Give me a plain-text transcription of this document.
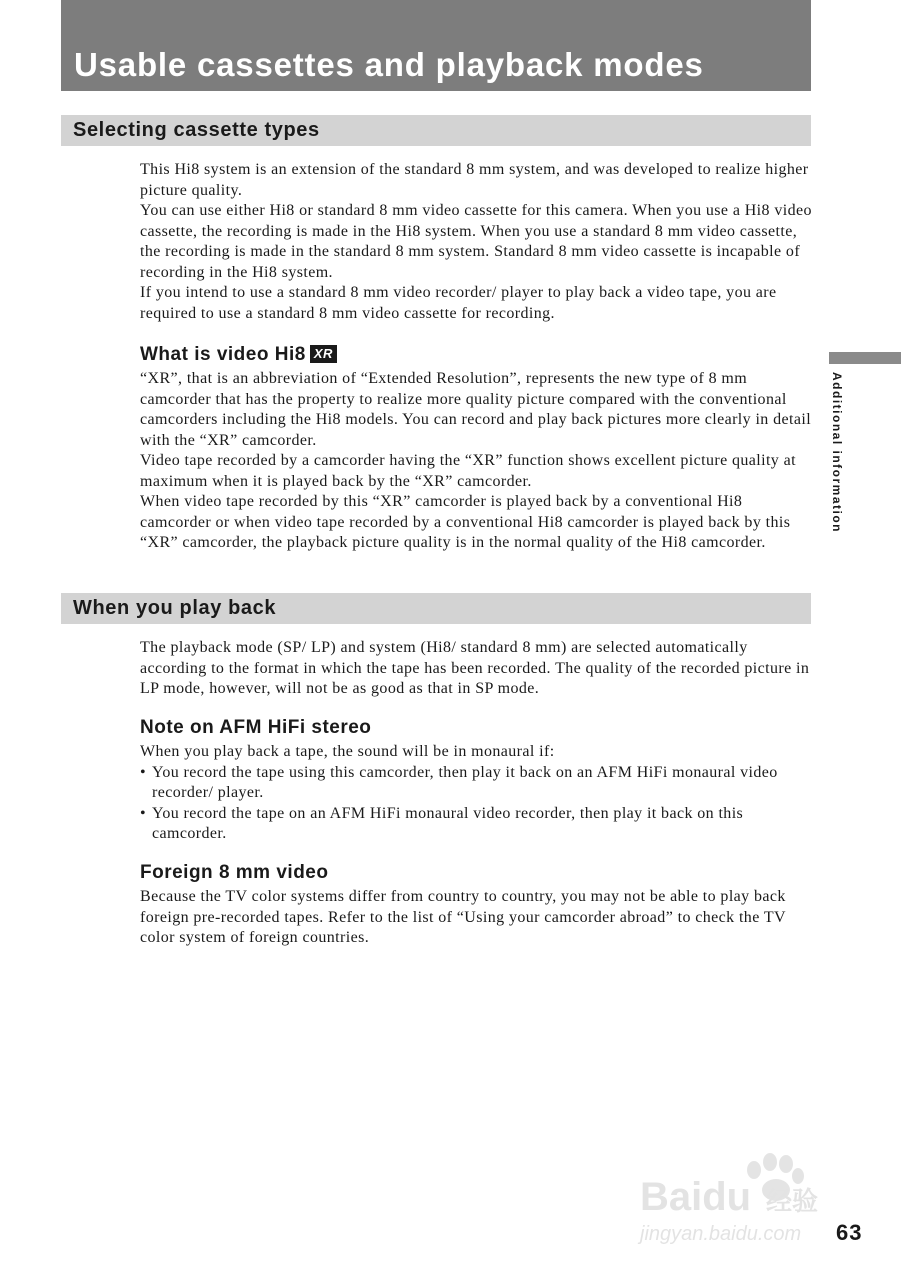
Usable cassettes and playback modes
Selecting cassette types

This Hi8 system is an extension of the standard 8 mm system, and was developed to realize higher picture quality.

You can use either Hi8 or standard 8 mm video cassette for this camera. When you use a Hi8 video cassette, the recording is made in the Hi8 system. When you use a standard 8 mm video cassette, the recording is made in the standard 8 mm system. Standard 8 mm video cassette is incapable of recording in the Hi8 system.

If you intend to use a standard 8 mm video recorder/ player to play back a video tape, you are required to use a standard 8 mm video cassette for recording.

What is video Hi8 XR

“XR”, that is an abbreviation of “Extended Resolution”, represents the new type of 8 mm camcorder that has the property to realize more quality picture compared with the conventional camcorders including the Hi8 models. You can record and play back pictures more clearly in detail with the “XR” camcorder.

Video tape recorded by a camcorder having the “XR” function shows excellent picture quality at maximum when it is played back by the “XR” camcorder.

When video tape recorded by this “XR” camcorder is played back by a conventional Hi8 camcorder or when video tape recorded by a conventional Hi8 camcorder is played back by this “XR” camcorder, the playback picture quality is in the normal quality of the Hi8 camcorder.

When you play back

The playback mode (SP/ LP) and system (Hi8/ standard 8 mm) are selected automatically according to the format in which the tape has been recorded. The quality of the recorded picture in LP mode, however, will not be as good as that in SP mode.

Note on AFM HiFi stereo

When you play back a tape, the sound will be in monaural if:

• You record the tape using this camcorder, then play it back on an AFM HiFi monaural video recorder/ player.
• You record the tape on an AFM HiFi monaural video recorder, then play it back on this camcorder.
Foreign 8 mm video

Because the TV color systems differ from country to country, you may not be able to play back foreign pre-recorded tapes. Refer to the list of “Using your camcorder abroad” to check the TV color system of foreign countries.

Additional information
63
Baidu 经验
jingyan.baidu.com
